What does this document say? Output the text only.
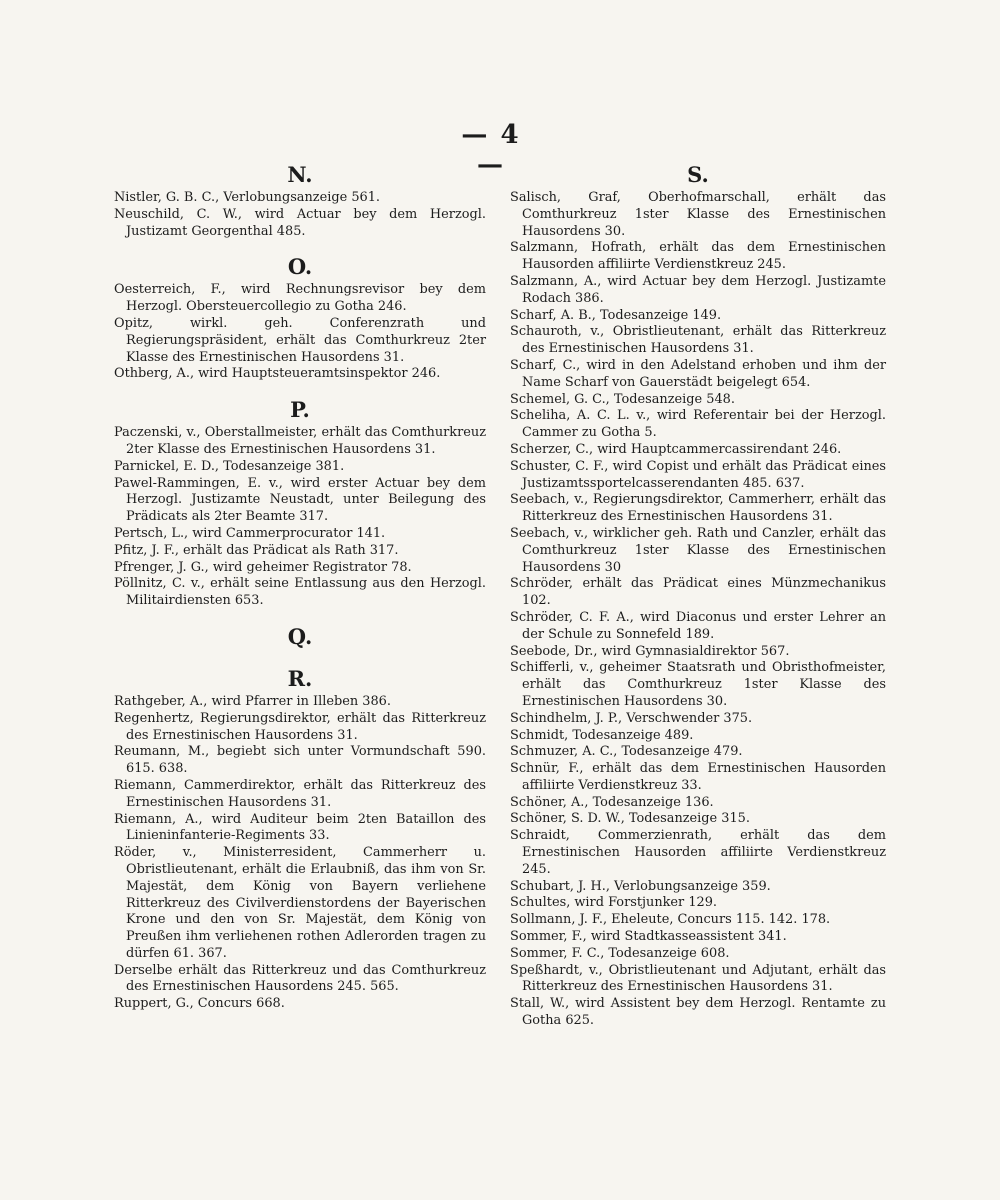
— 4 —
N.
Nistler, G. B. C., Verlobungsanzeige 561.
Neuschild, C. W., wird Actuar bey dem Herzogl. Justizamt Georgenthal 485.
O.
Oesterreich, F., wird Rechnungsrevisor bey dem Herzogl. Obersteuercollegio zu Gotha 246.
Opitz, wirkl. geh. Conferenzrath und Regierungspräsident, erhält das Comthurkreuz 2ter Klasse des Ernestinischen Hausordens 31.
Othberg, A., wird Hauptsteueramtsinspektor 246.
P.
Paczenski, v., Oberstallmeister, erhält das Comthurkreuz 2ter Klasse des Ernestinischen Hausordens 31.
Parnickel, E. D., Todesanzeige 381.
Pawel-Rammingen, E. v., wird erster Actuar bey dem Herzogl. Justizamte Neustadt, unter Beilegung des Prädicats als 2ter Beamte 317.
Pertsch, L., wird Cammerprocurator 141.
Pfitz, J. F., erhält das Prädicat als Rath 317.
Pfrenger, J. G., wird geheimer Registrator 78.
Pöllnitz, C. v., erhält seine Entlassung aus den Herzogl. Militairdiensten 653.
Q.
R.
Rathgeber, A., wird Pfarrer in Illeben 386.
Regenhertz, Regierungsdirektor, erhält das Ritterkreuz des Ernestinischen Hausordens 31.
Reumann, M., begiebt sich unter Vormundschaft 590. 615. 638.
Riemann, Cammerdirektor, erhält das Ritterkreuz des Ernestinischen Hausordens 31.
Riemann, A., wird Auditeur beim 2ten Bataillon des Linieninfanterie-Regiments 33.
Röder, v., Ministerresident, Cammerherr u. Obristlieutenant, erhält die Erlaubniß, das ihm von Sr. Majestät, dem König von Bayern verliehene Ritterkreuz des Civilverdienstordens der Bayerischen Krone und den von Sr. Majestät, dem König von Preußen ihm verliehenen rothen Adlerorden tragen zu dürfen 61. 367.
Derselbe erhält das Ritterkreuz und das Comthurkreuz des Ernestinischen Hausordens 245. 565.
Ruppert, G., Concurs 668.
S.
Salisch, Graf, Oberhofmarschall, erhält das Comthurkreuz 1ster Klasse des Ernestinischen Hausordens 30.
Salzmann, Hofrath, erhält das dem Ernestinischen Hausorden affiliirte Verdienstkreuz 245.
Salzmann, A., wird Actuar bey dem Herzogl. Justizamte Rodach 386.
Scharf, A. B., Todesanzeige 149.
Schauroth, v., Obristlieutenant, erhält das Ritterkreuz des Ernestinischen Hausordens 31.
Scharf, C., wird in den Adelstand erhoben und ihm der Name Scharf von Gauerstädt beigelegt 654.
Schemel, G. C., Todesanzeige 548.
Scheliha, A. C. L. v., wird Referentair bei der Herzogl. Cammer zu Gotha 5.
Scherzer, C., wird Hauptcammercassirendant 246.
Schuster, C. F., wird Copist und erhält das Prädicat eines Justizamtssportelcasserendanten 485. 637.
Seebach, v., Regierungsdirektor, Cammerherr, erhält das Ritterkreuz des Ernestinischen Hausordens 31.
Seebach, v., wirklicher geh. Rath und Canzler, erhält das Comthurkreuz 1ster Klasse des Ernestinischen Hausordens 30
Schröder, erhält das Prädicat eines Münzmechanikus 102.
Schröder, C. F. A., wird Diaconus und erster Lehrer an der Schule zu Sonnefeld 189.
Seebode, Dr., wird Gymnasialdirektor 567.
Schifferli, v., geheimer Staatsrath und Obristhofmeister, erhält das Comthurkreuz 1ster Klasse des Ernestinischen Hausordens 30.
Schindhelm, J. P., Verschwender 375.
Schmidt, Todesanzeige 489.
Schmuzer, A. C., Todesanzeige 479.
Schnür, F., erhält das dem Ernestinischen Hausorden affiliirte Verdienstkreuz 33.
Schöner, A., Todesanzeige 136.
Schöner, S. D. W., Todesanzeige 315.
Schraidt, Commerzienrath, erhält das dem Ernestinischen Hausorden affiliirte Verdienstkreuz 245.
Schubart, J. H., Verlobungsanzeige 359.
Schultes, wird Forstjunker 129.
Sollmann, J. F., Eheleute, Concurs 115. 142. 178.
Sommer, F., wird Stadtkasseassistent 341.
Sommer, F. C., Todesanzeige 608.
Speßhardt, v., Obristlieutenant und Adjutant, erhält das Ritterkreuz des Ernestinischen Hausordens 31.
Stall, W., wird Assistent bey dem Herzogl. Rentamte zu Gotha 625.
